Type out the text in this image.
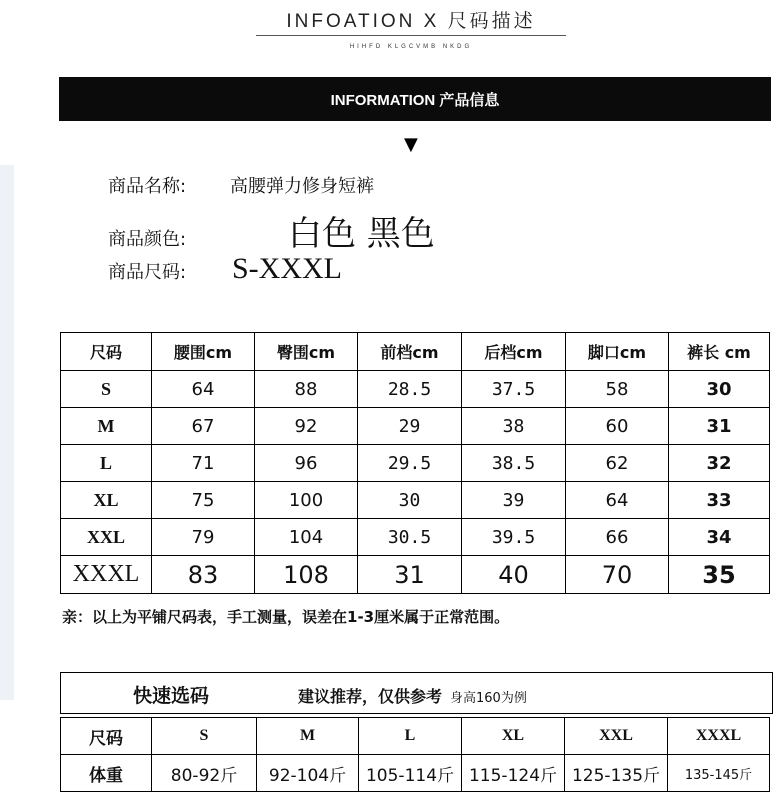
INFOATION X 尺码描述
HIHFD KLGCVMB NKDG
INFORMATION 产品信息
▼
商品名称:	高腰弹力修身短裤
商品颜色:	白色 黑色
商品尺码:	S-XXXL
尺码	腰围cm	臀围cm	前档cm	后档cm	脚口cm	裤长 cm
S	64	88	28.5	37.5	58	30
M	67	92	29	38	60	31
L	71	96	29.5	38.5	62	32
XL	75	100	30	39	64	33
XXL	79	104	30.5	39.5	66	34
XXXL	83	108	31	40	70	35
亲：以上为平铺尺码表，手工测量，误差在1-3厘米属于正常范围。
快速选码	建议推荐，仅供参考 身高160为例
尺码	S	M	L	XL	XXL	XXXL
体重	80-92斤	92-104斤	105-114斤	115-124斤	125-135斤	135-145斤
